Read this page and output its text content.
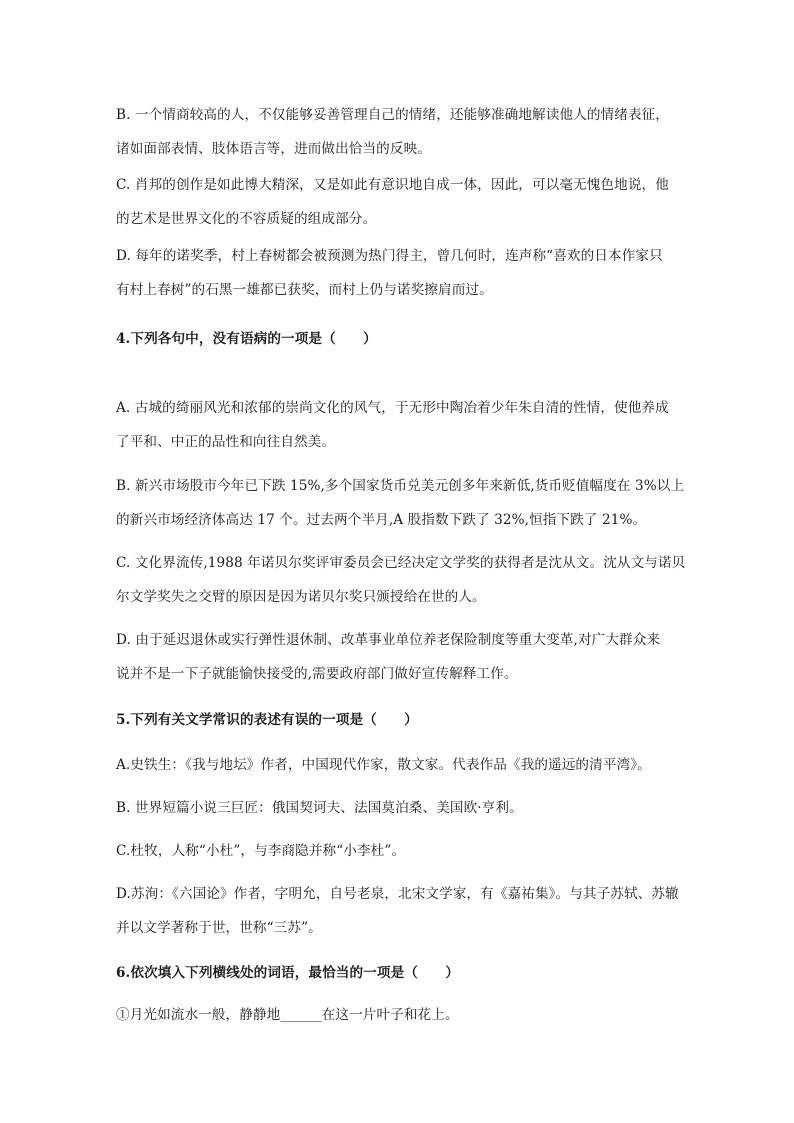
B. 一个情商较高的人，不仅能够妥善管理自己的情绪，还能够准确地解读他人的情绪表征，
诸如面部表情、肢体语言等，进而做出恰当的反映。
C. 肖邦的创作是如此博大精深，又是如此有意识地自成一体，因此，可以毫无愧色地说，他
的艺术是世界文化的不容质疑的组成部分。
D. 每年的诺奖季，村上春树都会被预测为热门得主，曾几何时，连声称“喜欢的日本作家只
有村上春树”的石黑一雄都已获奖，而村上仍与诺奖擦肩而过。
4.下列各句中，没有语病的一项是（　　）
A. 古城的绮丽风光和浓郁的崇尚文化的风气，于无形中陶冶着少年朱自清的性情，使他养成
了平和、中正的品性和向往自然美。
B. 新兴市场股市今年已下跌 15%,多个国家货币兑美元创多年来新低,货币贬值幅度在 3%以上
的新兴市场经济体高达 17 个。过去两个半月,A 股指数下跌了 32%,恒指下跌了 21%。
C. 文化界流传,1988 年诺贝尔奖评审委员会已经决定文学奖的获得者是沈从文。沈从文与诺贝
尔文学奖失之交臂的原因是因为诺贝尔奖只颁授给在世的人。
D. 由于延迟退休或实行弹性退休制、改革事业单位养老保险制度等重大变革,对广大群众来
说并不是一下子就能愉快接受的,需要政府部门做好宣传解释工作。
5.下列有关文学常识的表述有误的一项是（　　）
A.史铁生：《我与地坛》作者，中国现代作家，散文家。代表作品《我的遥远的清平湾》。
B. 世界短篇小说三巨匠：俄国契诃夫、法国莫泊桑、美国欧·亨利。
C.杜牧，人称“小杜”，与李商隐并称“小李杜”。
D.苏洵：《六国论》作者，字明允，自号老泉，北宋文学家，有《嘉祐集》。与其子苏轼、苏辙
并以文学著称于世，世称“三苏”。
6.依次填入下列横线处的词语，最恰当的一项是（　　）
①月光如流水一般，静静地______在这一片叶子和花上。
